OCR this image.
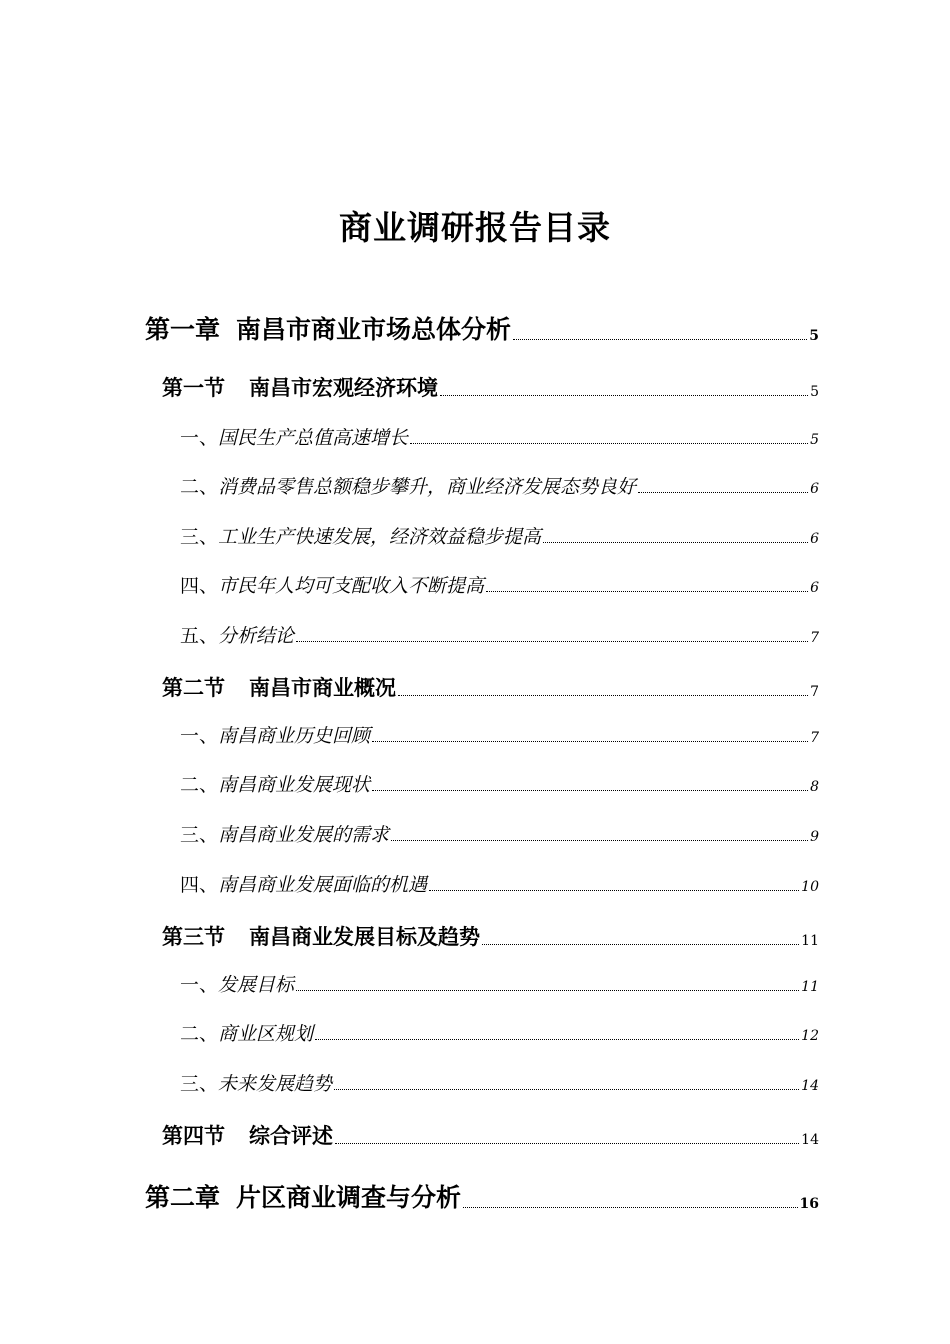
商业调研报告目录
第一章 南昌市商业市场总体分析	5
第一节 南昌市宏观经济环境	5
一、 国民生产总值高速增长	5
二、 消费品零售总额稳步攀升，商业经济发展态势良好	6
三、 工业生产快速发展，经济效益稳步提高	6
四、 市民年人均可支配收入不断提高	6
五、 分析结论	7
第二节 南昌市商业概况	7
一、 南昌商业历史回顾	7
二、 南昌商业发展现状	8
三、 南昌商业发展的需求	9
四、 南昌商业发展面临的机遇	10
第三节 南昌商业发展目标及趋势	11
一、 发展目标	11
二、 商业区规划	12
三、 未来发展趋势	14
第四节 综合评述	14
第二章 片区商业调查与分析	16
